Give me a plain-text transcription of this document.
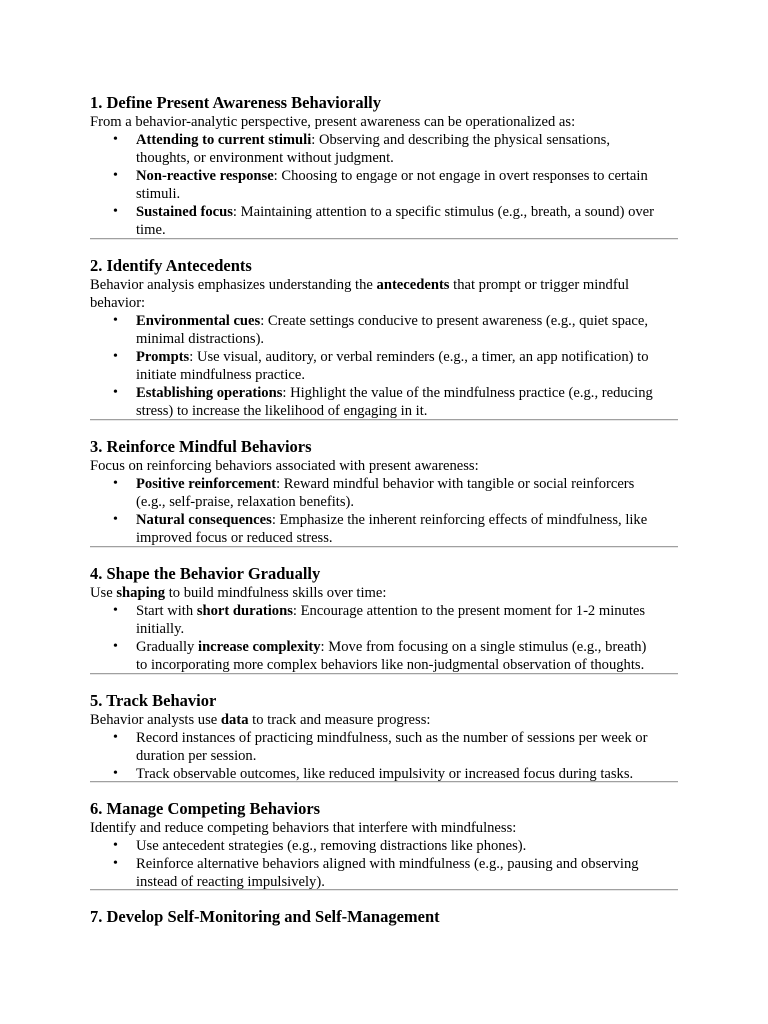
1. Define Present Awareness Behaviorally
From a behavior-analytic perspective, present awareness can be operationalized as:
• Attending to current stimuli: Observing and describing the physical sensations,
thoughts, or environment without judgment.
• Non-reactive response: Choosing to engage or not engage in overt responses to certain
stimuli.
• Sustained focus: Maintaining attention to a specific stimulus (e.g., breath, a sound) over
time.
2. Identify Antecedents
Behavior analysis emphasizes understanding the antecedents that prompt or trigger mindful
behavior:
• Environmental cues: Create settings conducive to present awareness (e.g., quiet space,
minimal distractions).
• Prompts: Use visual, auditory, or verbal reminders (e.g., a timer, an app notification) to
initiate mindfulness practice.
• Establishing operations: Highlight the value of the mindfulness practice (e.g., reducing
stress) to increase the likelihood of engaging in it.
3. Reinforce Mindful Behaviors
Focus on reinforcing behaviors associated with present awareness:
• Positive reinforcement: Reward mindful behavior with tangible or social reinforcers
(e.g., self-praise, relaxation benefits).
• Natural consequences: Emphasize the inherent reinforcing effects of mindfulness, like
improved focus or reduced stress.
4. Shape the Behavior Gradually
Use shaping to build mindfulness skills over time:
• Start with short durations: Encourage attention to the present moment for 1-2 minutes
initially.
• Gradually increase complexity: Move from focusing on a single stimulus (e.g., breath)
to incorporating more complex behaviors like non-judgmental observation of thoughts.
5. Track Behavior
Behavior analysts use data to track and measure progress:
• Record instances of practicing mindfulness, such as the number of sessions per week or
duration per session.
• Track observable outcomes, like reduced impulsivity or increased focus during tasks.
6. Manage Competing Behaviors
Identify and reduce competing behaviors that interfere with mindfulness:
• Use antecedent strategies (e.g., removing distractions like phones).
• Reinforce alternative behaviors aligned with mindfulness (e.g., pausing and observing
instead of reacting impulsively).
7. Develop Self-Monitoring and Self-Management
